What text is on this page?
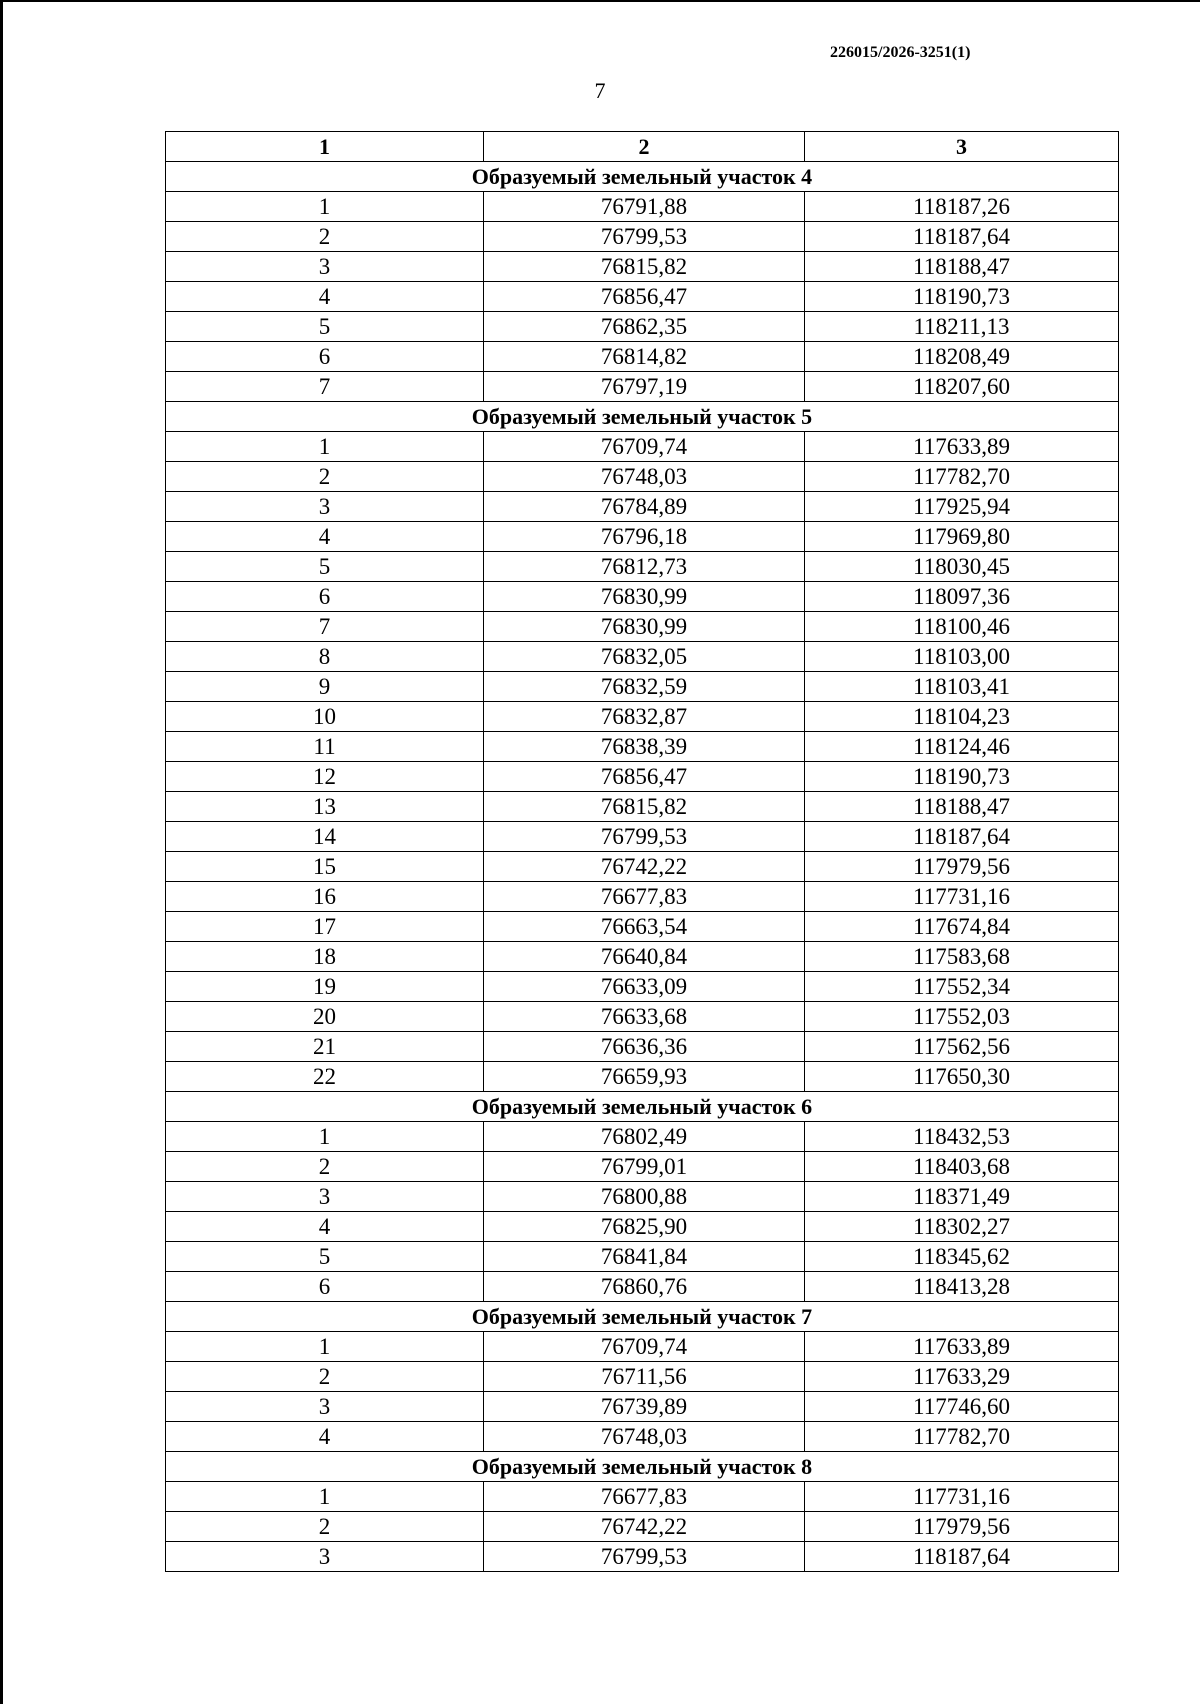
226015/2026-3251(1)
7
1	2	3
Образуемый земельный участок 4		
1	76791,88	118187,26
2	76799,53	118187,64
3	76815,82	118188,47
4	76856,47	118190,73
5	76862,35	118211,13
6	76814,82	118208,49
7	76797,19	118207,60
Образуемый земельный участок 5		
1	76709,74	117633,89
2	76748,03	117782,70
3	76784,89	117925,94
4	76796,18	117969,80
5	76812,73	118030,45
6	76830,99	118097,36
7	76830,99	118100,46
8	76832,05	118103,00
9	76832,59	118103,41
10	76832,87	118104,23
11	76838,39	118124,46
12	76856,47	118190,73
13	76815,82	118188,47
14	76799,53	118187,64
15	76742,22	117979,56
16	76677,83	117731,16
17	76663,54	117674,84
18	76640,84	117583,68
19	76633,09	117552,34
20	76633,68	117552,03
21	76636,36	117562,56
22	76659,93	117650,30
Образуемый земельный участок 6		
1	76802,49	118432,53
2	76799,01	118403,68
3	76800,88	118371,49
4	76825,90	118302,27
5	76841,84	118345,62
6	76860,76	118413,28
Образуемый земельный участок 7		
1	76709,74	117633,89
2	76711,56	117633,29
3	76739,89	117746,60
4	76748,03	117782,70
Образуемый земельный участок 8		
1	76677,83	117731,16
2	76742,22	117979,56
3	76799,53	118187,64
